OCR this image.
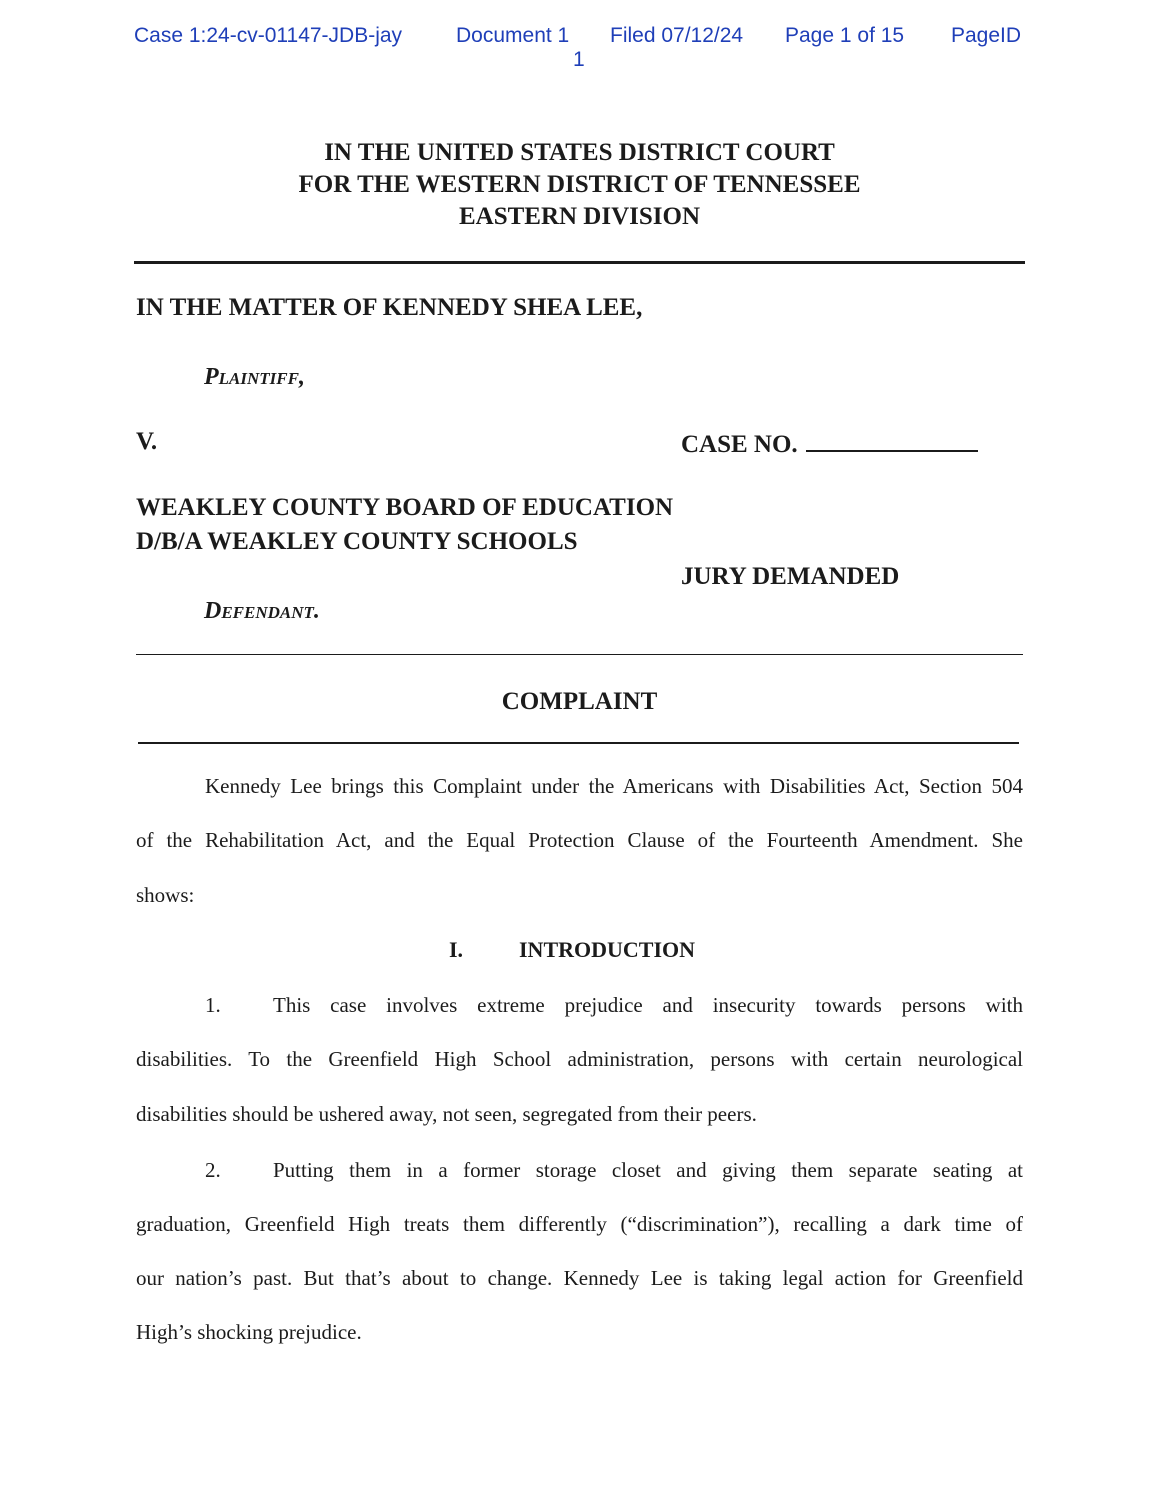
Case 1:24-cv-01147-JDB-jay	Document 1 Filed 07/12/24 Page 1 of 15 PageID
1
IN THE UNITED STATES DISTRICT COURT
FOR THE WESTERN DISTRICT OF TENNESSEE
EASTERN DIVISION
IN THE MATTER OF KENNEDY SHEA LEE,
Plaintiff,
V.	CASE NO.
WEAKLEY COUNTY BOARD OF EDUCATION
D/B/A WEAKLEY COUNTY SCHOOLS
JURY DEMANDED
Defendant.
COMPLAINT
Kennedy Lee brings this Complaint under the Americans with Disabilities Act, Section 504
of the Rehabilitation Act, and the Equal Protection Clause of the Fourteenth Amendment. She
shows:
I.	INTRODUCTION
1. This case involves extreme prejudice and insecurity towards persons with
disabilities. To the Greenfield High School administration, persons with certain neurological
disabilities should be ushered away, not seen, segregated from their peers.
2. Putting them in a former storage closet and giving them separate seating at
graduation, Greenfield High treats them differently (“discrimination”), recalling a dark time of
our nation’s past. But that’s about to change. Kennedy Lee is taking legal action for Greenfield
High’s shocking prejudice.
